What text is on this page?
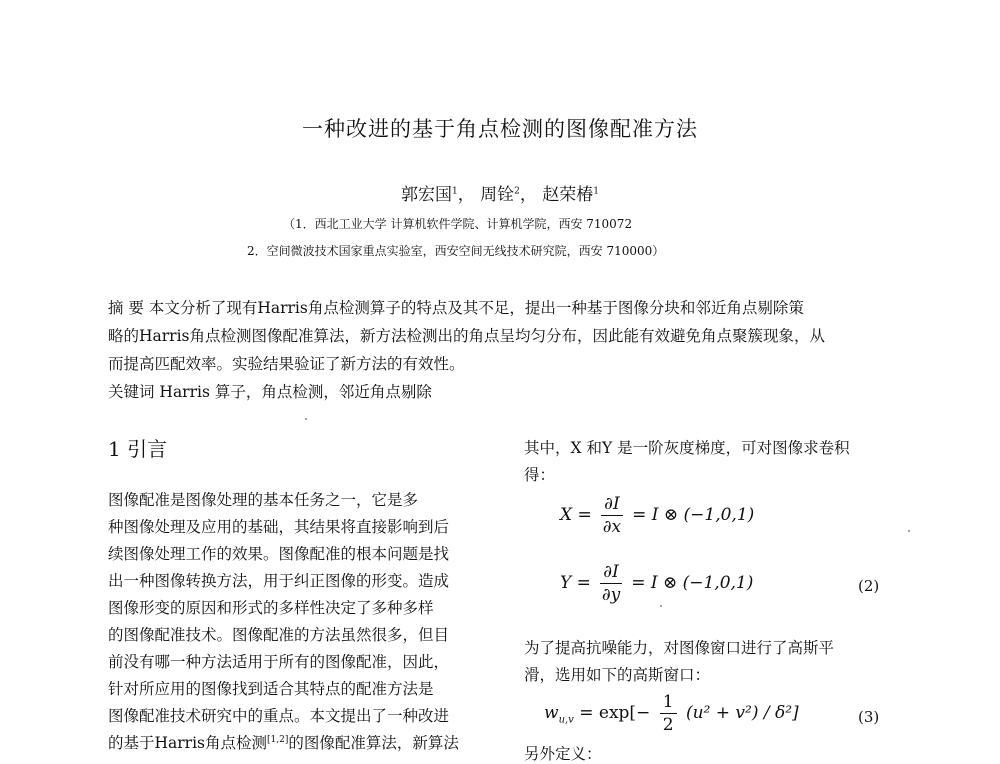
一种改进的基于角点检测的图像配准方法
郭宏国$^1$， 周铨$^2$， 赵荣椿$^1$
（1．西北工业大学 计算机软件学院、计算机学院，西安 710072
2．空间微波技术国家重点实验室，西安空间无线技术研究院，西安 710000）
摘 要 本文分析了现有Harris角点检测算子的特点及其不足，提出一种基于图像分块和邻近角点剔除策
略的Harris角点检测图像配准算法，新方法检测出的角点呈均匀分布，因此能有效避免角点聚簇现象，从
而提高匹配效率。实验结果验证了新方法的有效性。
关键词 Harris 算子，角点检测，邻近角点剔除
1 引言
图像配准是图像处理的基本任务之一，它是多
种图像处理及应用的基础，其结果将直接影响到后
续图像处理工作的效果。图像配准的根本问题是找
出一种图像转换方法，用于纠正图像的形变。造成
图像形变的原因和形式的多样性决定了多种多样
的图像配准技术。图像配准的方法虽然很多，但目
前没有哪一种方法适用于所有的图像配准，因此，
针对所应用的图像找到适合其特点的配准方法是
图像配准技术研究中的重点。本文提出了一种改进
的基于Harris角点检测[1,2]的图像配准算法，新算法
其中，X 和Y 是一阶灰度梯度，可对图像求卷积
得：
$X = \frac{\partial I}{\partial x} = I$ ⊗ (−1,0,1)
$Y = \frac{\partial I}{\partial y} = I$ ⊗ (−1,0,1)	(2)
为了提高抗噪能力，对图像窗口进行了高斯平
滑，选用如下的高斯窗口：
$w_{u,v} = \exp[- \frac{1}{2} (u^2 + v^2) / \delta^2]$	(3)
另外定义：
